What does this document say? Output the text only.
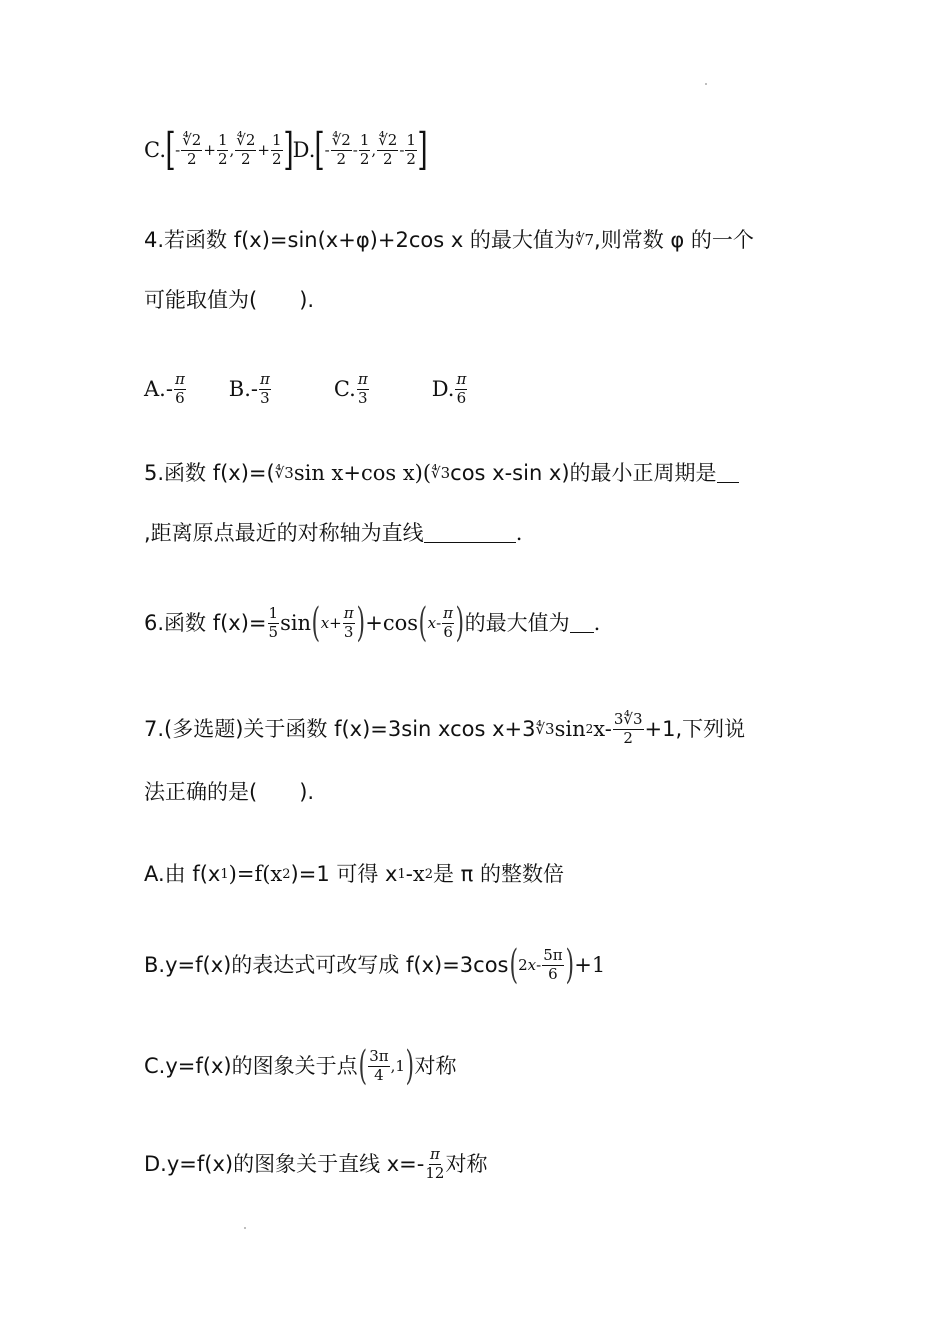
C. [ - $\frac{∜2}{2} + \frac{1}{2}$ , $\frac{∜2}{2} + \frac{1}{2}$ ] D. [ - $\frac{∜2}{2} - \frac{1}{2}$ , $\frac{∜2}{2} - \frac{1}{2}$ ]
4.若函数 f(x)=sin(x+φ)+2cos x 的最大值为 ∜7 ,则常数 φ 的一个
可能取值为(　　).
$A.- \frac{\pi}{6} B.- \frac{\pi}{3}$	C. $\frac{\pi}{3}$	D. $\frac{\pi}{6}$
5.函数 f(x)=( ∜3 sin x+cos x)( ∜3 cos x-sin x)的最小正周期是
,距离原点最近的对称轴为直线	.
6.函数 $f(x)= \frac{1}{5}$ sin ( $x + \frac{\pi}{3}$ ) +cos ( x - $\frac{\pi}{6}$ ) 的最大值为 .
7.(多选题)关于函数 f(x)=3sin xcos x+3 ∜3 sin 2 $x- \frac{3∜3}{2} +1$,下列说
法正确的是(　　).
A.由 f(x 1 )=f(x 2 )=1 可得 x 1 -x 2 是 π 的整数倍
B.y=f(x)的表达式可改写成 f(x)=3cos ( 2 x - $\frac{5\pi}{6}$ ) +1
C.y=f(x)的图象关于点 ( $\frac{3\pi}{4}$ , 1 ) 对称
D.y=f(x)的图象关于直线 $x=- \frac{\pi}{12}$ 对称
